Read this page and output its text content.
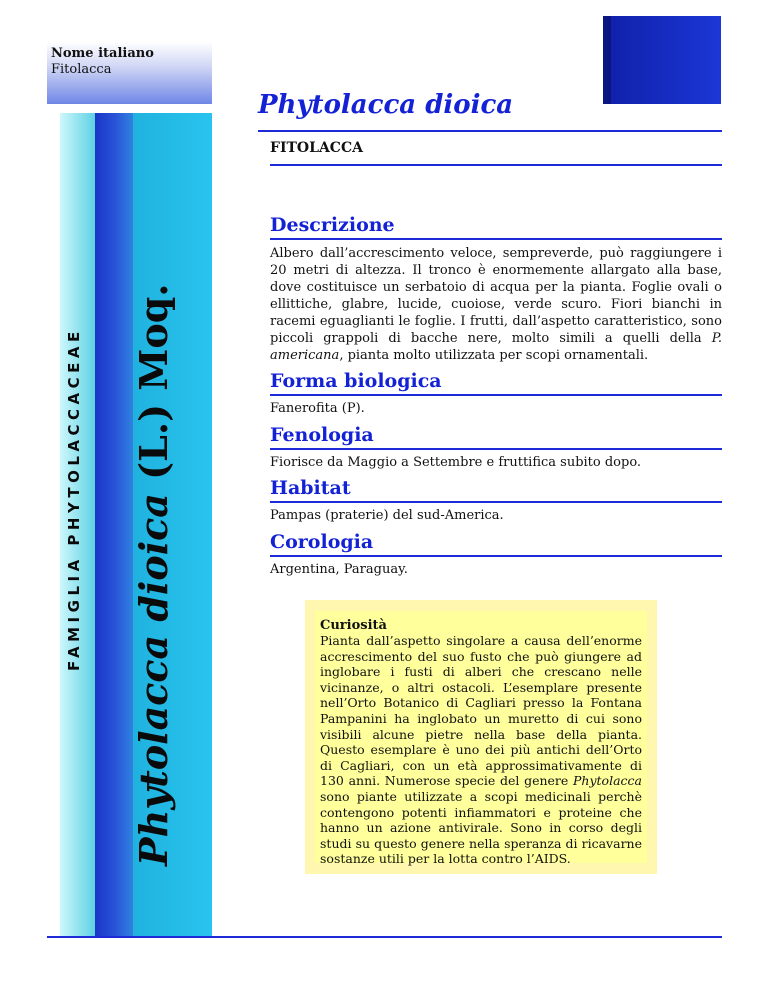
FAMIGLIA PHYTOLACCACEAE Phytolacca dioica (L.) Moq.
Nome italiano
Fitolacca
Phytolacca dioica
FITOLACCA
Descrizione
Albero dall’accrescimento veloce, sempreverde, può raggiungere i 20 metri di altezza. Il tronco è enormemente allargato alla base, dove costituisce un serbatoio di acqua per la pianta. Foglie ovali o ellittiche, glabre, lucide, cuoiose, verde scuro. Fiori bianchi in racemi eguaglianti le foglie. I frutti, dall’aspetto caratteristico, sono piccoli grappoli di bacche nere, molto simili a quelli della P. americana, pianta molto utilizzata per scopi ornamentali.
Forma biologica
Fanerofita (P).
Fenologia
Fiorisce da Maggio a Settembre e fruttifica subito dopo.
Habitat
Pampas (praterie) del sud-America.
Corologia
Argentina, Paraguay.
Curiosità
Pianta dall’aspetto singolare a causa dell’enorme accrescimento del suo fusto che può giungere ad inglobare i fusti di alberi che crescano nelle vicinanze, o altri ostacoli. L’esemplare presente nell’Orto Botanico di Cagliari presso la Fontana Pampanini ha inglobato un muretto di cui sono visibili alcune pietre nella base della pianta. Questo esemplare è uno dei più antichi dell’Orto di Cagliari, con un età approssimativamente di 130 anni. Numerose specie del genere Phytolacca sono piante utilizzate a scopi medicinali perchè contengono potenti infiammatori e proteine che hanno un azione antivirale. Sono in corso degli studi su questo genere nella speranza di ricavarne sostanze utili per la lotta contro l’AIDS.
